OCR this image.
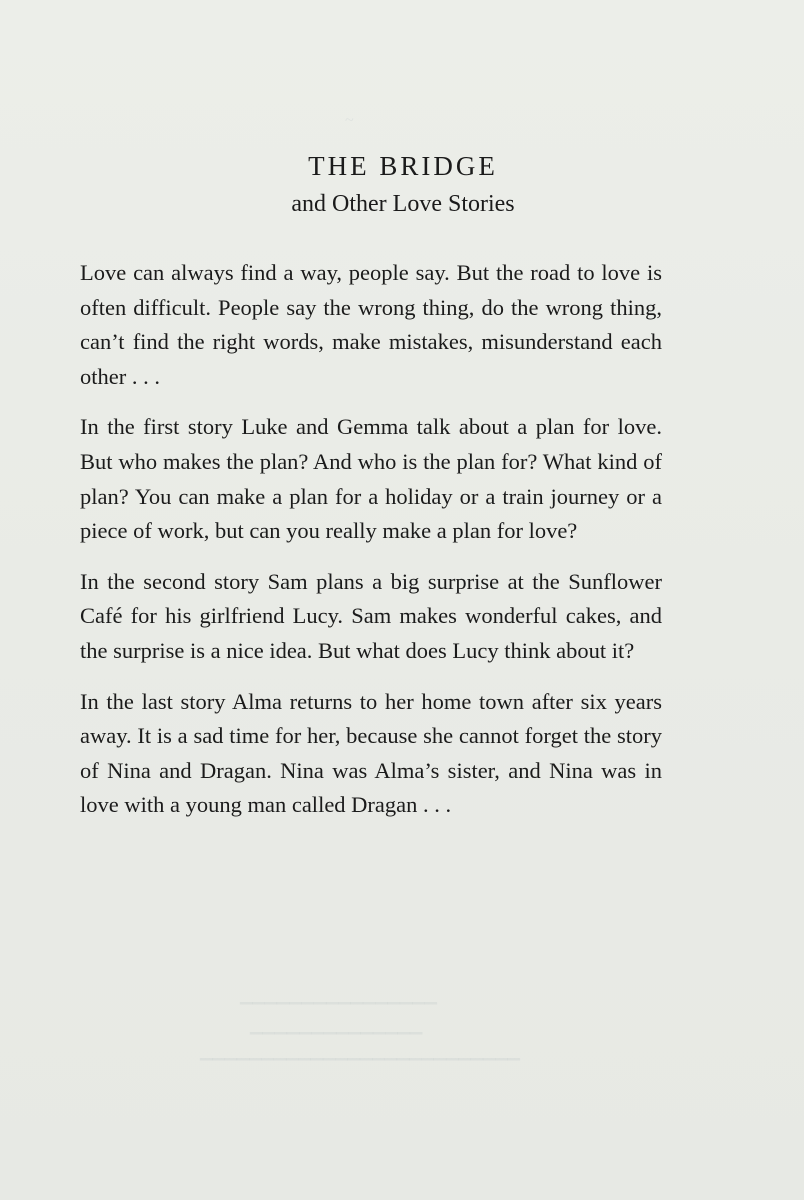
~
▔▔▔▔▔▔▔▔▔▔▔▔▔▔▔▔
▔▔▔▔▔▔▔▔▔▔▔▔▔▔
▔▔▔▔▔▔▔▔▔▔▔▔▔▔▔▔▔▔▔▔▔▔▔▔▔▔
THE BRIDGE
and Other Love Stories

Love can always find a way, people say. But the road to love is often difficult. People say the wrong thing, do the wrong thing, can’t find the right words, make mistakes, misunderstand each other . . .

In the first story Luke and Gemma talk about a plan for love. But who makes the plan? And who is the plan for? What kind of plan? You can make a plan for a holiday or a train journey or a piece of work, but can you really make a plan for love?

In the second story Sam plans a big surprise at the Sunflower Café for his girlfriend Lucy. Sam makes wonderful cakes, and the surprise is a nice idea. But what does Lucy think about it?

In the last story Alma returns to her home town after six years away. It is a sad time for her, because she cannot forget the story of Nina and Dragan. Nina was Alma’s sister, and Nina was in love with a young man called Dragan . . .
